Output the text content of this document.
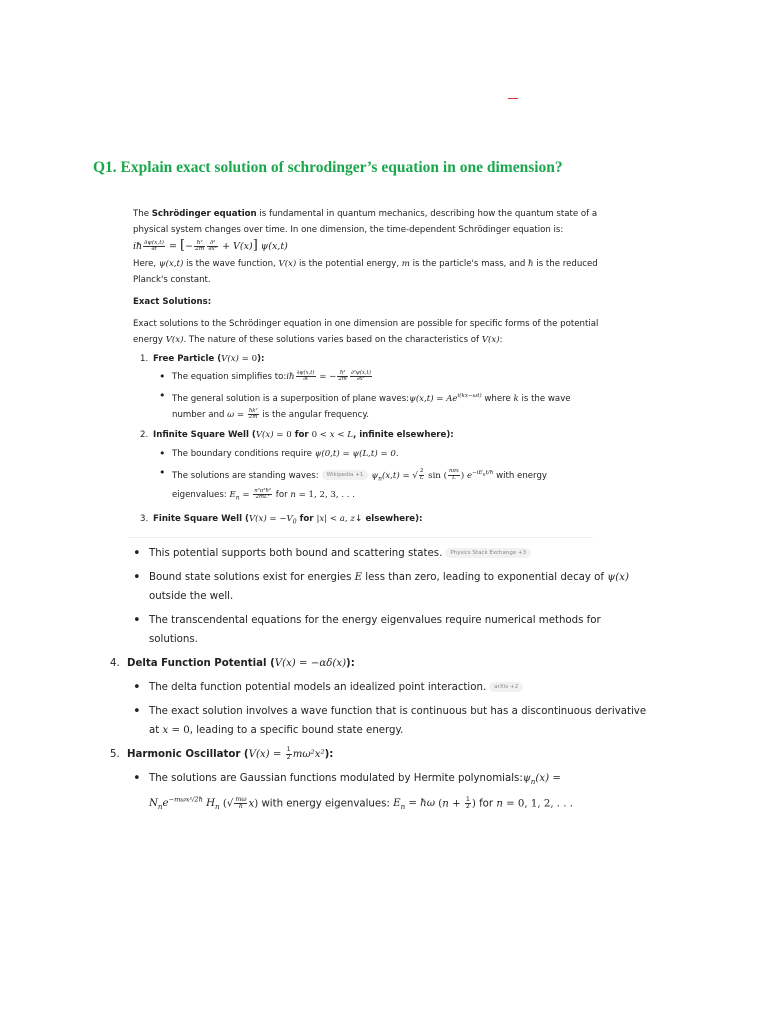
Q1. Explain exact solution of schrodinger’s equation in one dimension?

The Schrödinger equation is fundamental in quantum mechanics, describing how the quantum state of a physical system changes over time. In one dimension, the time-dependent Schrödinger equation is:

iħ $\frac{\partial\psi(x,t)}{\partial t}$ = [− $\frac{\text{ħ²}}{2m} \frac{\text{∂²}}{\text{∂x²}} + V(x)$] ψ(x,t)

Here, ψ(x,t) is the wave function, V(x) is the potential energy, m is the particle's mass, and ħ is the reduced Planck's constant.

Exact Solutions:

Exact solutions to the Schrödinger equation in one dimension are possible for specific forms of the potential energy V(x). The nature of these solutions varies based on the characteristics of V(x):

1. Free Particle (V(x) = 0):
• The equation simplifies to:iħ $\frac{\partial\psi(x,t)}{\partial t}$ = − $\frac{\text{ħ²}}{2m} \frac{\text{∂²ψ(x,t)}}{\text{∂x²}}$
• The general solution is a superposition of plane waves:ψ(x,t) = $Ae^{i(kx-\omega t)}$ where k is the wave number and $\omega = \frac{\text{ħk²}}{2m}$ is the angular frequency.
2. Infinite Square Well (V(x) = 0 for 0 < x < L, infinite elsewhere):
• The boundary conditions require ψ(0,t) = ψ(L,t) = 0.
• The solutions are standing waves: Wikipedia +1 $\psi_n(x,t)$ = √ $\frac{2}{L}$ sin ( $\frac{\text{nπx}}{L}$ ) $e^{-iE_nt/ħ}$ with energy eigenvalues: $E_n = \frac{\text{n²π²ħ²}}{\text{2mL²}}$ for n = 1, 2, 3, . . .
3. Finite Square Well ($V(x) = -V_0$ for |x| < a, z↓ elsewhere):
• This potential supports both bound and scattering states. Physics Stack Exchange +3
• Bound state solutions exist for energies E less than zero, leading to exponential decay of ψ(x) outside the well.
• The transcendental equations for the energy eigenvalues require numerical methods for solutions.
4. Delta Function Potential (V(x) = −αδ(x)):
• The delta function potential models an idealized point interaction. arXiv +2
• The exact solution involves a wave function that is continuous but has a discontinuous derivative at x = 0, leading to a specific bound state energy.
5. Harmonic Oscillator $(V(x) = \frac{1}{2} m\omega^2x^2)$:
• The solutions are Gaussian functions modulated by Hermite $polynomials:\psi_n(x)$ =
$N_ne^{-m\omega x^2/2ħ}$ $H_n$ (√ $\frac{m\omega}{ħ} x$) with energy eigenvalues: $E_n$ = ħω ($n + \frac{1}{2}$ ) for n = 0, 1, 2, . . .
